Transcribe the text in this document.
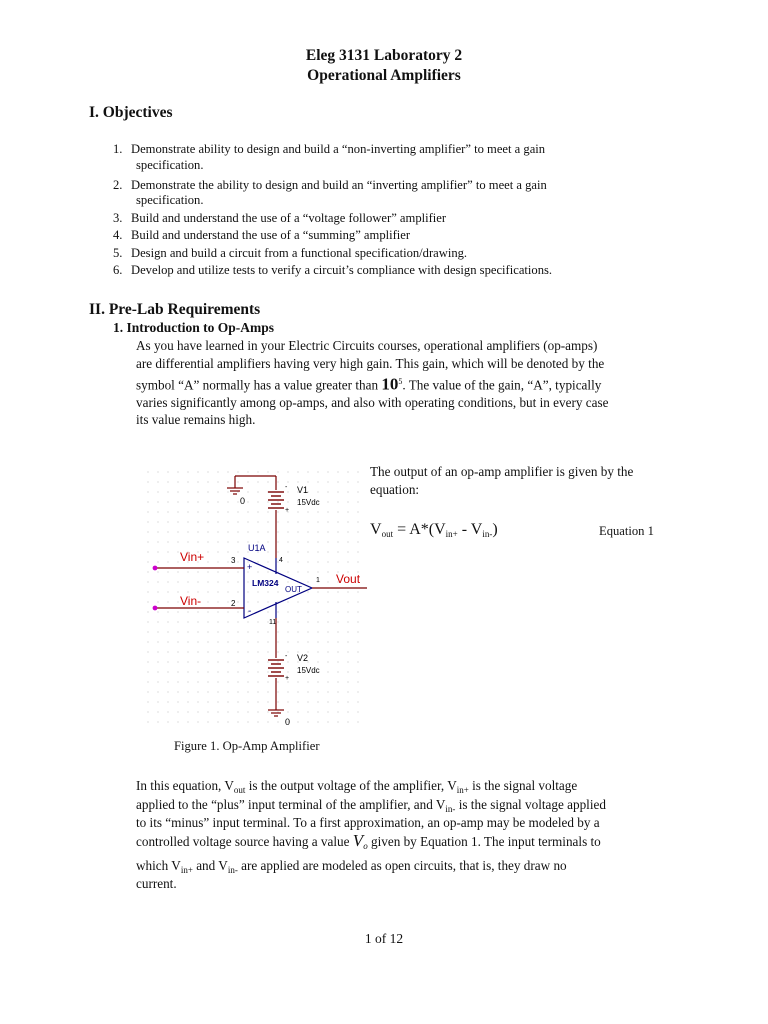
Eleg 3131 Laboratory 2
Operational Amplifiers
I. Objectives
1. Demonstrate ability to design and build a “non-inverting amplifier” to meet a gain
specification.
2. Demonstrate the ability to design and build an “inverting amplifier” to meet a gain
specification.
3. Build and understand the use of a “voltage follower” amplifier
4. Build and understand the use of a “summing” amplifier
5. Design and build a circuit from a functional specification/drawing.
6. Develop and utilize tests to verify a circuit’s compliance with design specifications.
II. Pre-Lab Requirements
1. Introduction to Op-Amps
As you have learned in your Electric Circuits courses, operational amplifiers (op-amps)
are differential amplifiers having very high gain. This gain, which will be denoted by the
symbol “A” normally has a value greater than $10^5$. The value of the gain, “A”, typically
varies significantly among op-amps, and also with operating conditions, but in every case
its value remains high.
0
-
+
V1
15Vdc
U1A
4
+
-
LM324
OUT
1
11
Vin+
Vin-
3
2
Vout
-
+
V2
15Vdc
0
The output of an op-amp amplifier is given by the
equation:
$V_{out} = A*(V_{in+} - V_{in-})$	Equation 1
Figure 1. Op-Amp Amplifier
In this equation, $V_{out}$ is the output voltage of the amplifier, $V_{in+}$ is the signal voltage
applied to the “plus” input terminal of the amplifier, and $V_{in-}$ is the signal voltage applied
to its “minus” input terminal. To a first approximation, an op-amp may be modeled by a
controlled voltage source having a value $V_o$ given by Equation 1. The input terminals to
which $V_{in+}$ and $V_{in-}$ are applied are modeled as open circuits, that is, they draw no
current.
1 of 12
